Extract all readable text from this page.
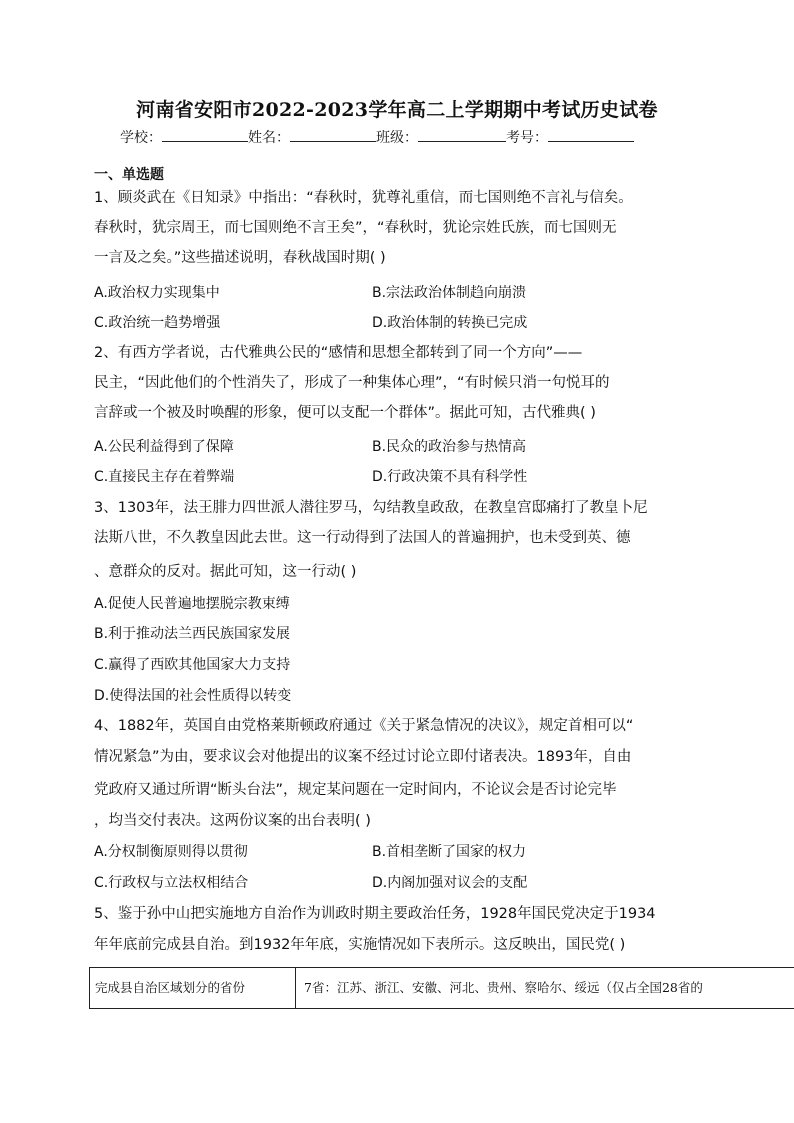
河南省安阳市2022-2023学年高二上学期期中考试历史试卷
学校：	姓名：	班级：	考号：
一、单选题
1、顾炎武在《日知录》中指出：“春秋时，犹尊礼重信，而七国则绝不言礼与信矣。
春秋时，犹宗周王，而七国则绝不言王矣”，“春秋时，犹论宗姓氏族，而七国则无
一言及之矣。”这些描述说明，春秋战国时期( )
A.政治权力实现集中	B.宗法政治体制趋向崩溃
C.政治统一趋势增强	D.政治体制的转换已完成
2、有西方学者说，古代雅典公民的“感情和思想全都转到了同一个方向”——
民主，“因此他们的个性消失了，形成了一种集体心理”，“有时候只消一句悦耳的
言辞或一个被及时唤醒的形象，便可以支配一个群体”。据此可知，古代雅典( )
A.公民利益得到了保障	B.民众的政治参与热情高
C.直接民主存在着弊端	D.行政决策不具有科学性
3、1303年，法王腓力四世派人潜往罗马，勾结教皇政敌，在教皇宫邸痛打了教皇卜尼
法斯八世，不久教皇因此去世。这一行动得到了法国人的普遍拥护，也未受到英、德
、意群众的反对。据此可知，这一行动( )
A.促使人民普遍地摆脱宗教束缚
B.利于推动法兰西民族国家发展
C.赢得了西欧其他国家大力支持
D.使得法国的社会性质得以转变
4、1882年，英国自由党格莱斯顿政府通过《关于紧急情况的决议》，规定首相可以“
情况紧急”为由，要求议会对他提出的议案不经过讨论立即付诸表决。1893年，自由
党政府又通过所谓“断头台法”，规定某问题在一定时间内，不论议会是否讨论完毕
，均当交付表决。这两份议案的出台表明( )
A.分权制衡原则得以贯彻	B.首相垄断了国家的权力
C.行政权与立法权相结合	D.内阁加强对议会的支配
5、鉴于孙中山把实施地方自治作为训政时期主要政治任务，1928年国民党决定于1934
年年底前完成县自治。到1932年年底，实施情况如下表所示。这反映出，国民党( )
完成县自治区域划分的省份	7省：江苏、浙江、安徽、河北、贵州、察哈尔、绥远（仅占全国28省的
